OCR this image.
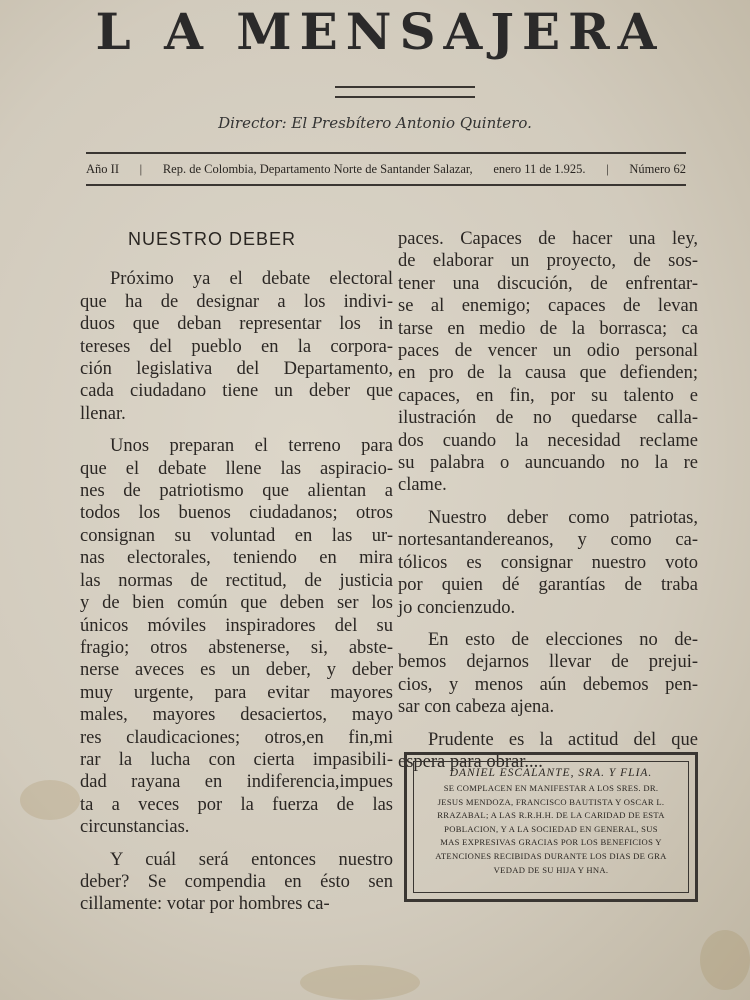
L A MENSAJERA
Director: El Presbítero Antonio Quintero.
Año II | Rep. de Colombia, Departamento Norte de Santander Salazar, enero 11 de 1.925. | Número 62
NUESTRO DEBER
Próximo ya el debate electoral
que ha de designar a los indivi-
duos que deban representar los in
tereses del pueblo en la corpora-
ción legislativa del Departamento,
cada ciudadano tiene un deber que
llenar.
Unos preparan el terreno para
que el debate llene las aspiracio-
nes de patriotismo que alientan a
todos los buenos ciudadanos; otros
consignan su voluntad en las ur-
nas electorales, teniendo en mira
las normas de rectitud, de justicia
y de bien común que deben ser los
únicos móviles inspiradores del su
fragio; otros abstenerse, si, abste-
nerse aveces es un deber, y deber
muy urgente, para evitar mayores
males, mayores desaciertos, mayo
res claudicaciones; otros,en fin,mi
rar la lucha con cierta impasibili-
dad rayana en indiferencia,impues
ta a veces por la fuerza de las
circunstancias.
Y cuál será entonces nuestro
deber? Se compendia en ésto sen
cillamente: votar por hombres ca-
paces. Capaces de hacer una ley,
de elaborar un proyecto, de sos-
tener una discución, de enfrentar-
se al enemigo; capaces de levan
tarse en medio de la borrasca; ca
paces de vencer un odio personal
en pro de la causa que defienden;
capaces, en fin, por su talento e
ilustración de no quedarse calla-
dos cuando la necesidad reclame
su palabra o auncuando no la re
clame.
Nuestro deber como patriotas,
nortesantandereanos, y como ca-
tólicos es consignar nuestro voto
por quien dé garantías de traba
jo concienzudo.
En esto de elecciones no de-
bemos dejarnos llevar de prejui-
cios, y menos aún debemos pen-
sar con cabeza ajena.
Prudente es la actitud del que
espera para obrar....
DANIEL ESCALANTE, SRA. Y FLIA.
SE COMPLACEN EN MANIFESTAR A LOS SRES. DR.
JESUS MENDOZA, FRANCISCO BAUTISTA Y OSCAR L.
RRAZABAL; A LAS R.R.H.H. DE LA CARIDAD DE ESTA
POBLACION, Y A LA SOCIEDAD EN GENERAL, SUS
MAS EXPRESIVAS GRACIAS POR LOS BENEFICIOS Y
ATENCIONES RECIBIDAS DURANTE LOS DIAS DE GRA
VEDAD DE SU HIJA Y HNA.
